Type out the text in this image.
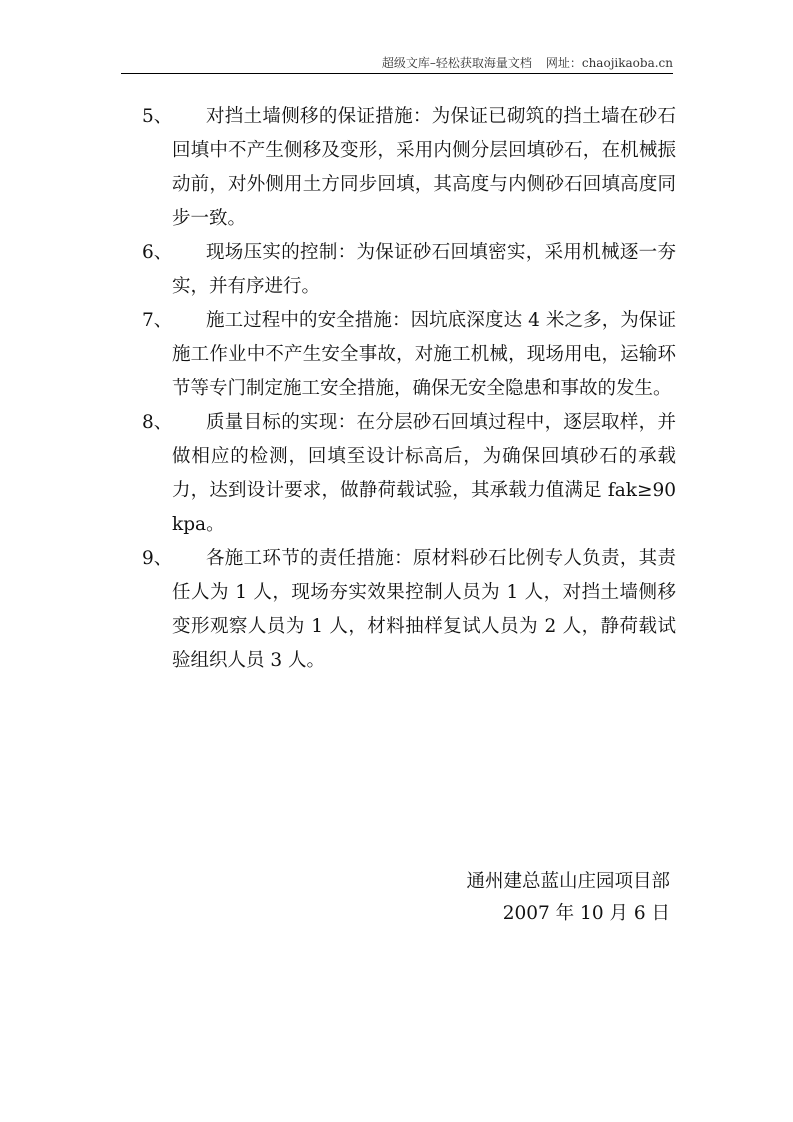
超级文库–轻松获取海量文档 网址：chaojikaoba.cn

5、	对挡土墙侧移的保证措施：为保证已砌筑的挡土墙在砂石回填中不产生侧移及变形，采用内侧分层回填砂石，在机械振动前，对外侧用土方同步回填，其高度与内侧砂石回填高度同步一致。

6、	现场压实的控制：为保证砂石回填密实，采用机械逐一夯实，并有序进行。

7、	施工过程中的安全措施：因坑底深度达 4 米之多，为保证施工作业中不产生安全事故，对施工机械，现场用电，运输环节等专门制定施工安全措施，确保无安全隐患和事故的发生。

8、	质量目标的实现：在分层砂石回填过程中，逐层取样，并做相应的检测，回填至设计标高后，为确保回填砂石的承载力，达到设计要求，做静荷载试验，其承载力值满足 fak≥90kpa。

9、	各施工环节的责任措施：原材料砂石比例专人负责，其责任人为 1 人，现场夯实效果控制人员为 1 人，对挡土墙侧移变形观察人员为 1 人，材料抽样复试人员为 2 人，静荷载试验组织人员 3 人。

通州建总蓝山庄园项目部
2007 年 10 月 6 日
